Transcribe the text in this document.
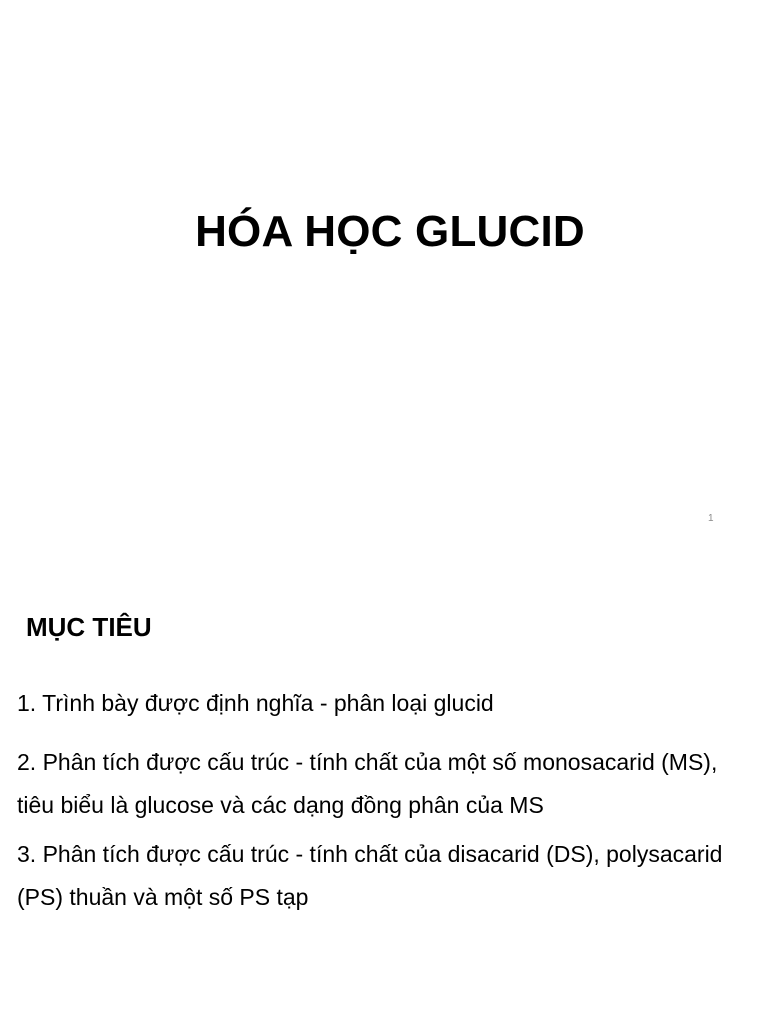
HÓA HỌC GLUCID

1

MỤC TIÊU
1. Trình bày được định nghĩa - phân loại glucid
2. Phân tích được cấu trúc - tính chất của một số monosacarid (MS), tiêu biểu là glucose và các dạng đồng phân của MS
3. Phân tích được cấu trúc - tính chất của disacarid (DS), polysacarid (PS) thuần và một số PS tạp
